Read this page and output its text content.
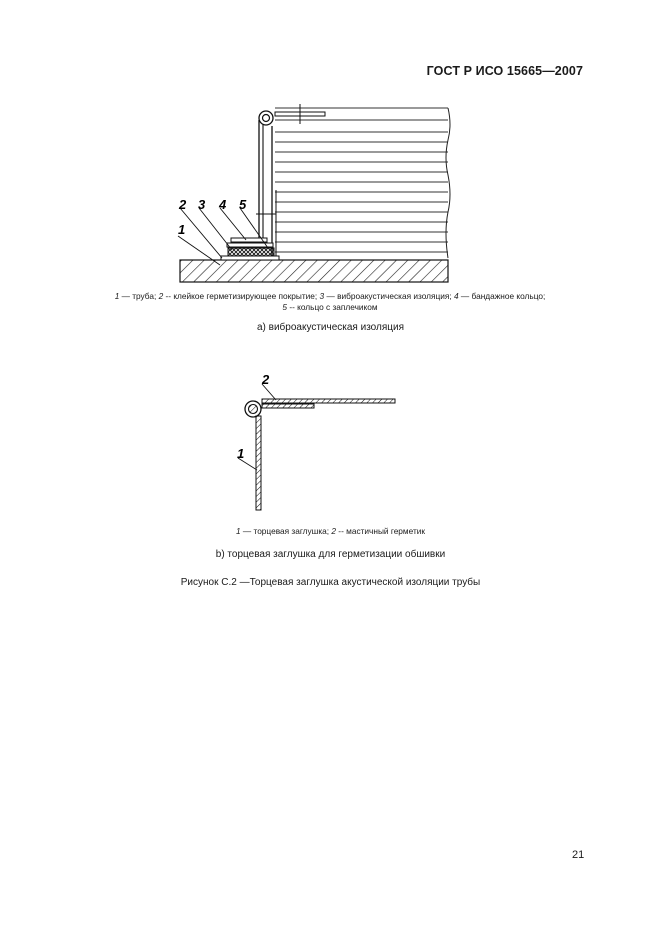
ГОСТ Р ИСО 15665—2007
1
2 3 4 5
1 — труба; 2 -- клейкое герметизирующее покрытие; 3 — виброакустическая изоляция; 4 — бандажное кольцо;
5 -- кольцо с заплечиком
a) виброакустическая изоляция
2
1
1 — торцевая заглушка; 2 -- мастичный герметик
b) торцевая заглушка для герметизации обшивки
Рисунок С.2 —Торцевая заглушка акустической изоляции трубы
21
